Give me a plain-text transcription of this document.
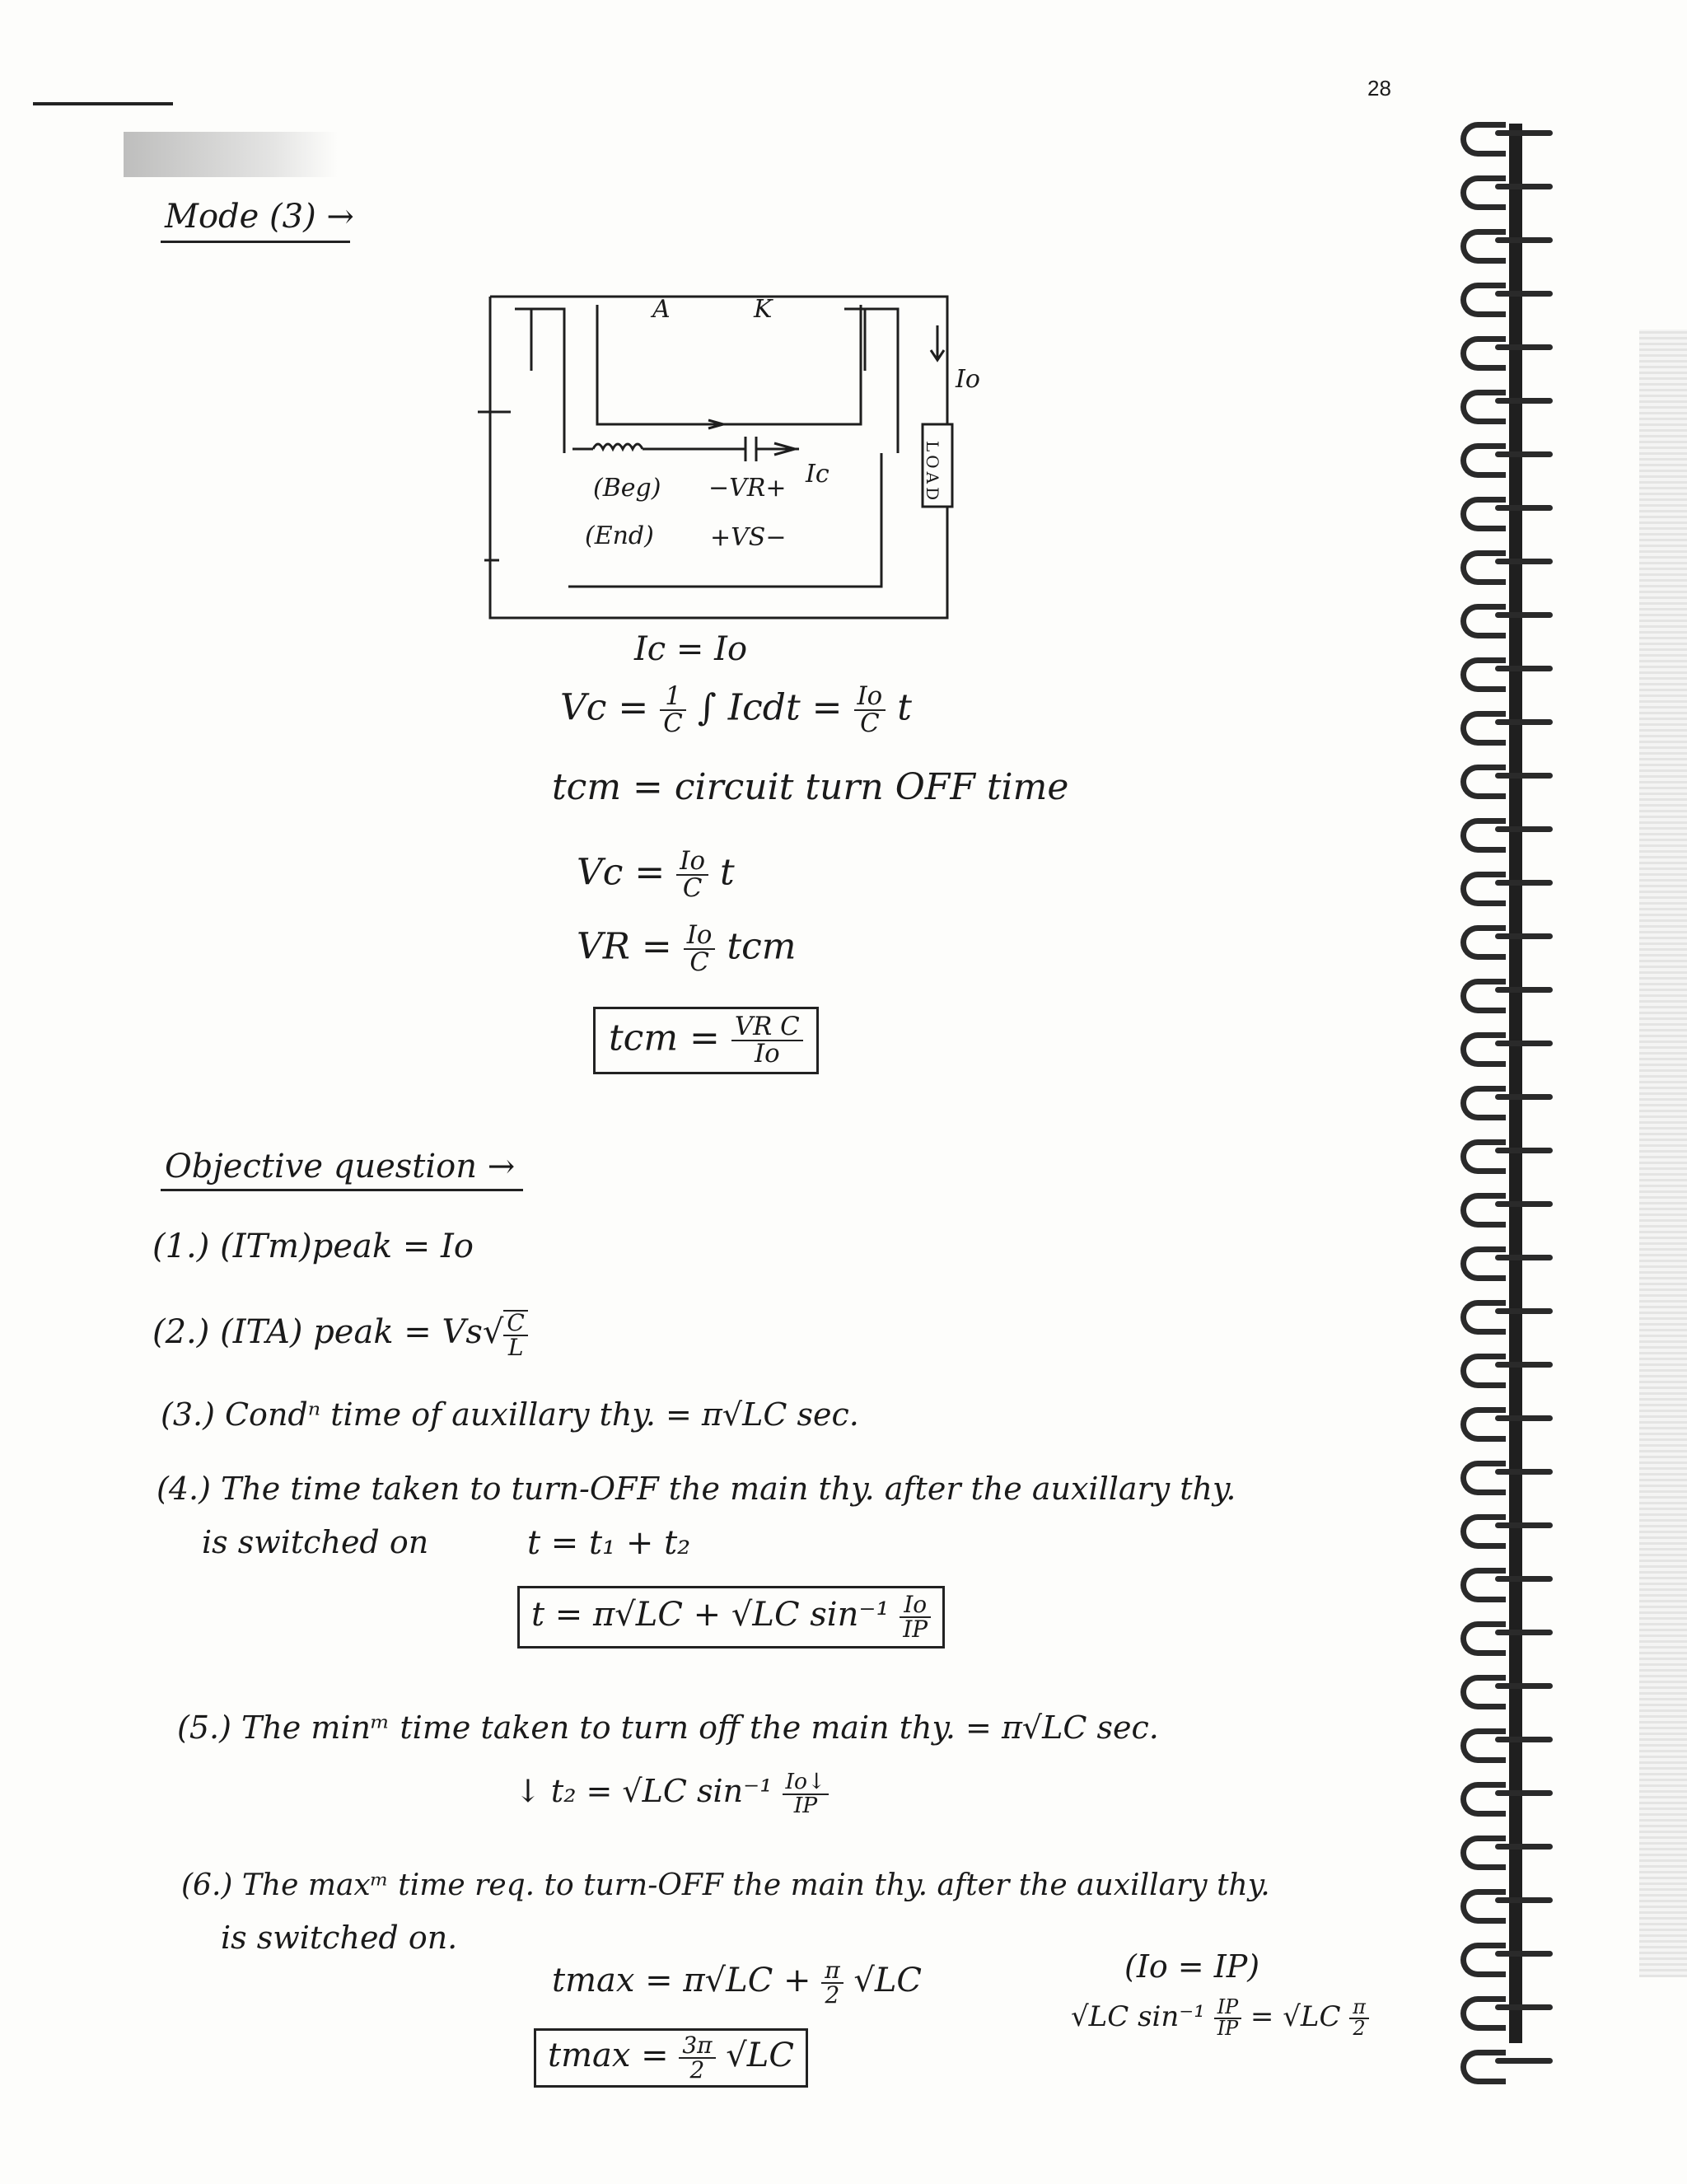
28
Mode (3) →
A	K
Io
Ic
(Beg) −VR+
(End) +VS−
LOAD
Ic = Io
$Vc = \frac{1}{C}$ ∫ Icdt = $\frac{Io}{C}$ t
tcm = circuit turn OFF time
$Vc = \frac{Io}{C}$ t
VR = $\frac{Io}{C}$ tcm
tcm = $\frac{\text{VR C}}{Io}$
Objective question →
(1.) (ITm)peak = Io
(2.) (ITA) peak = $Vs√ \frac{C}{L}$
(3.) Condⁿ time of auxillary thy. = π√LC sec.
(4.) The time taken to turn-OFF the main thy. after the auxillary thy.
is switched on	t = t₁ + t₂
t = π√LC + √LC $\sin^{-1} \frac{Io}{IP}$
(5.) The minᵐ time taken to turn off the main thy. = π√LC sec.
↓ t₂ = √LC $\sin^{-1} \frac{Io↓}{IP}$
(6.) The maxᵐ time req. to turn-OFF the main thy. after the auxillary thy.
is switched on.
$tmax = \pi√LC + \frac{\pi}{2} √LC$
$tmax = \frac{3\pi}{2} √LC$
(Io = IP)
√LC $\sin^{-1} \frac{IP}{IP} = √LC \frac{\pi}{2}$
